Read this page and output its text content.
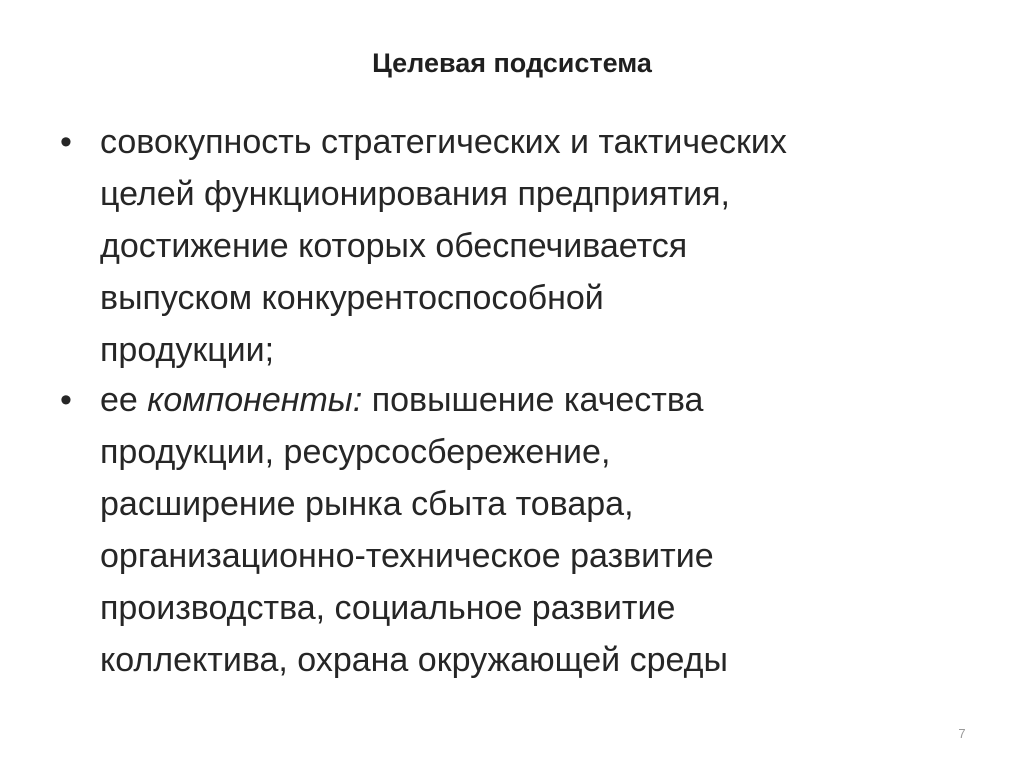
Целевая подсистема
• совокупность стратегических и тактических
целей функционирования предприятия,
достижение которых обеспечивается
выпуском конкурентоспособной
продукции;
• ее компоненты: повышение качества
продукции, ресурсосбережение,
расширение рынка сбыта товара,
организационно-техническое развитие
производства, социальное развитие
коллектива, охрана окружающей среды
7
